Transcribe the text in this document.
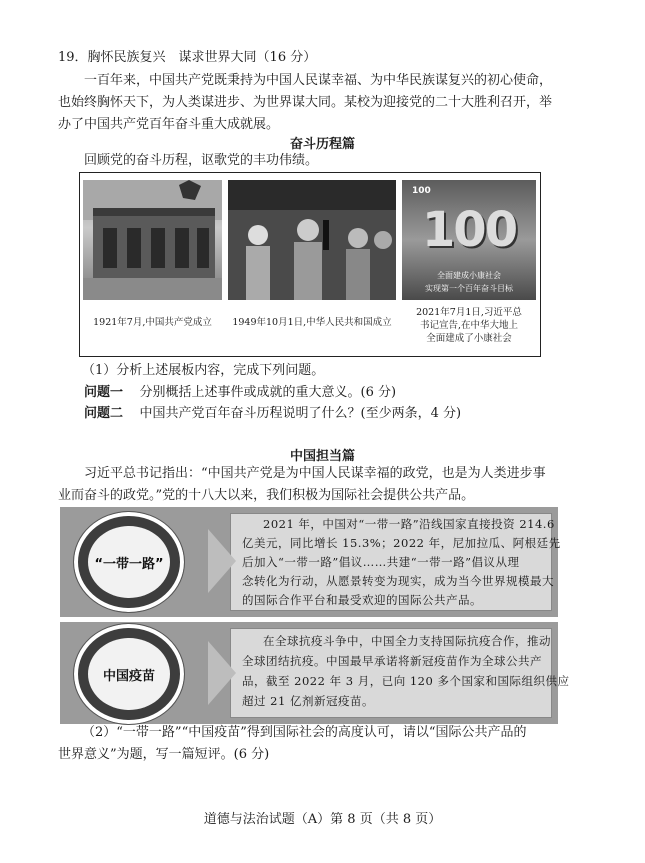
19．胸怀民族复兴　谋求世界大同（16 分）
一百年来，中国共产党既秉持为中国人民谋幸福、为中华民族谋复兴的初心使命，
也始终胸怀天下，为人类谋进步、为世界谋大同。某校为迎接党的二十大胜利召开，举
办了中国共产党百年奋斗重大成就展。
奋斗历程篇
回顾党的奋斗历程，讴歌党的丰功伟绩。
100
100
全面建成小康社会
实现第一个百年奋斗目标
1921年7月,中国共产党成立	1949年10月1日,中华人民共和国成立
2021年7月1日,习近平总
书记宣告,在中华大地上
全面建成了小康社会
（1）分析上述展板内容，完成下列问题。
问题一 分别概括上述事件或成就的重大意义。(6 分)
问题二 中国共产党百年奋斗历程说明了什么？(至少两条，4 分)
中国担当篇
习近平总书记指出：“中国共产党是为中国人民谋幸福的政党，也是为人类进步事
业而奋斗的政党。”党的十八大以来，我们积极为国际社会提供公共产品。
“一带一路”
2021 年，中国对“一带一路”沿线国家直接投资 214.6
亿美元，同比增长 15.3%；2022 年，尼加拉瓜、阿根廷先
后加入“一带一路”倡议……共建“一带一路”倡议从理
念转化为行动，从愿景转变为现实，成为当今世界规模最大
的国际合作平台和最受欢迎的国际公共产品。
中国疫苗
在全球抗疫斗争中，中国全力支持国际抗疫合作，推动
全球团结抗疫。中国最早承诺将新冠疫苗作为全球公共产
品，截至 2022 年 3 月，已向 120 多个国家和国际组织供应
超过 21 亿剂新冠疫苗。
（2）“一带一路”“中国疫苗”得到国际社会的高度认可，请以“国际公共产品的
世界意义”为题，写一篇短评。(6 分)
道德与法治试题（A）第 8 页（共 8 页）
